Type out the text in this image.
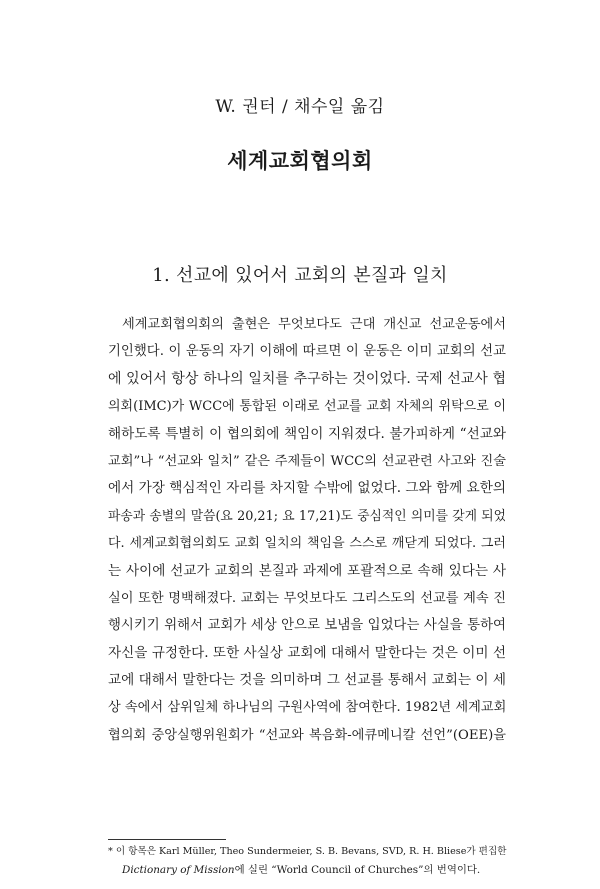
W. 권터 / 채수일 옮김
세계교회협의회
1. 선교에 있어서 교회의 본질과 일치
세계교회협의회의 출현은 무엇보다도 근대 개신교 선교운동에서
기인했다. 이 운동의 자기 이해에 따르면 이 운동은 이미 교회의 선교
에 있어서 항상 하나의 일치를 추구하는 것이었다. 국제 선교사 협
의회(IMC)가 WCC에 통합된 이래로 선교를 교회 자체의 위탁으로 이
해하도록 특별히 이 협의회에 책임이 지워졌다. 불가피하게 “선교와
교회”나 “선교와 일치” 같은 주제들이 WCC의 선교관련 사고와 진술
에서 가장 핵심적인 자리를 차지할 수밖에 없었다. 그와 함께 요한의
파송과 송별의 말씀(요 20,21; 요 17,21)도 중심적인 의미를 갖게 되었
다. 세계교회협의회도 교회 일치의 책임을 스스로 깨닫게 되었다. 그러
는 사이에 선교가 교회의 본질과 과제에 포괄적으로 속해 있다는 사
실이 또한 명백해졌다. 교회는 무엇보다도 그리스도의 선교를 계속 진
행시키기 위해서 교회가 세상 안으로 보냄을 입었다는 사실을 통하여
자신을 규정한다. 또한 사실상 교회에 대해서 말한다는 것은 이미 선
교에 대해서 말한다는 것을 의미하며 그 선교를 통해서 교회는 이 세
상 속에서 삼위일체 하나님의 구원사역에 참여한다. 1982년 세계교회
협의회 중앙실행위원회가 “선교와 복음화-에큐메니칼 선언”(OEE)을
* 이 항목은 Karl Müller, Theo Sundermeier, S. B. Bevans, SVD, R. H. Bliese가 편집한
Dictionary of Mission에 실린 “World Council of Churches”의 번역이다.
